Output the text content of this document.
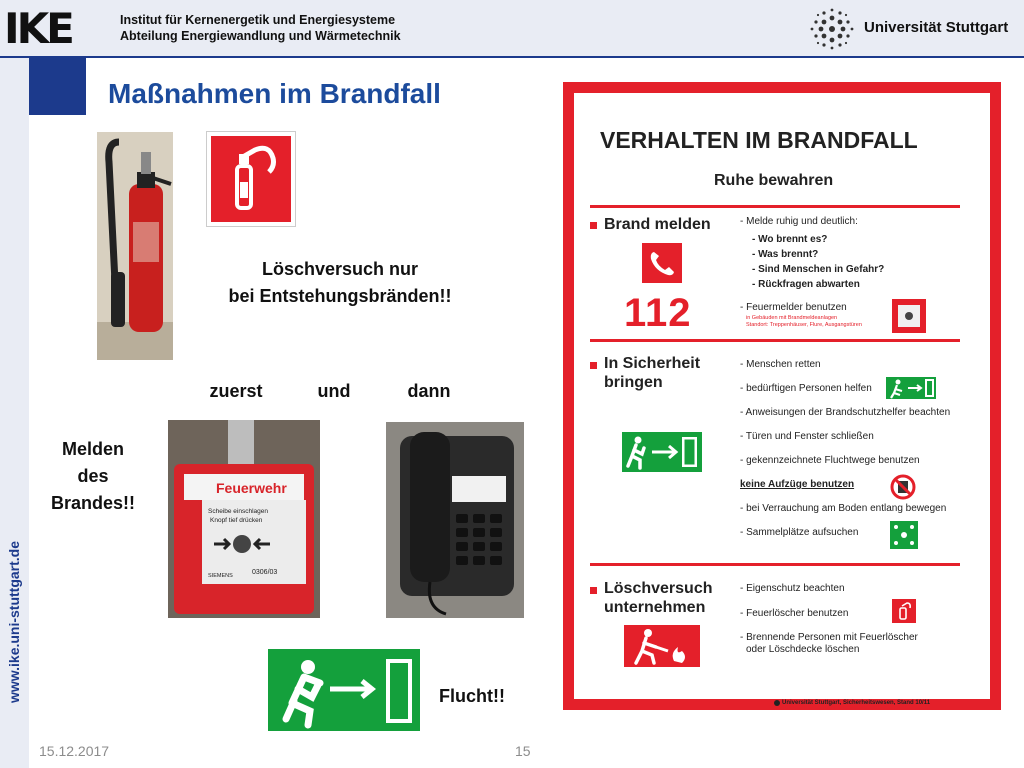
IKE	Institut für Kernenergetik und Energiesysteme
Abteilung Energiewandlung und Wärmetechnik	Universität Stuttgart
www.ike.uni-stuttgart.de
Maßnahmen im Brandfall
Löschversuch nur
bei Entstehungsbränden!!
zuerst	und	dann
Melden
des
Brandes!!
Feuerwehr
Scheibe einschlagen
Knopf tief drücken
SIEMENS	0306/03
Flucht!!
VERHALTEN IM BRANDFALL
Ruhe bewahren
Brand melden	- Melde ruhig und deutlich:
- Wo brennt es?
- Was brennt?
- Sind Menschen in Gefahr?
- Rückfragen abwarten
112	- Feuermelder benutzen
in Gebäuden mit Brandmeldeanlagen
Standort: Treppenhäuser, Flure, Ausgangstüren
In Sicherheit
bringen
- Menschen retten
- bedürftigen Personen helfen
- Anweisungen der Brandschutzhelfer beachten
- Türen und Fenster schließen
- gekennzeichnete Fluchtwege benutzen
keine Aufzüge benutzen
- bei Verrauchung am Boden entlang bewegen
- Sammelplätze aufsuchen
Löschversuch
unternehmen
- Eigenschutz beachten
- Feuerlöscher benutzen
- Brennende Personen mit Feuerlöscher
oder Löschdecke löschen
Universität Stuttgart, Sicherheitswesen, Stand 10/11
15.12.2017	15
